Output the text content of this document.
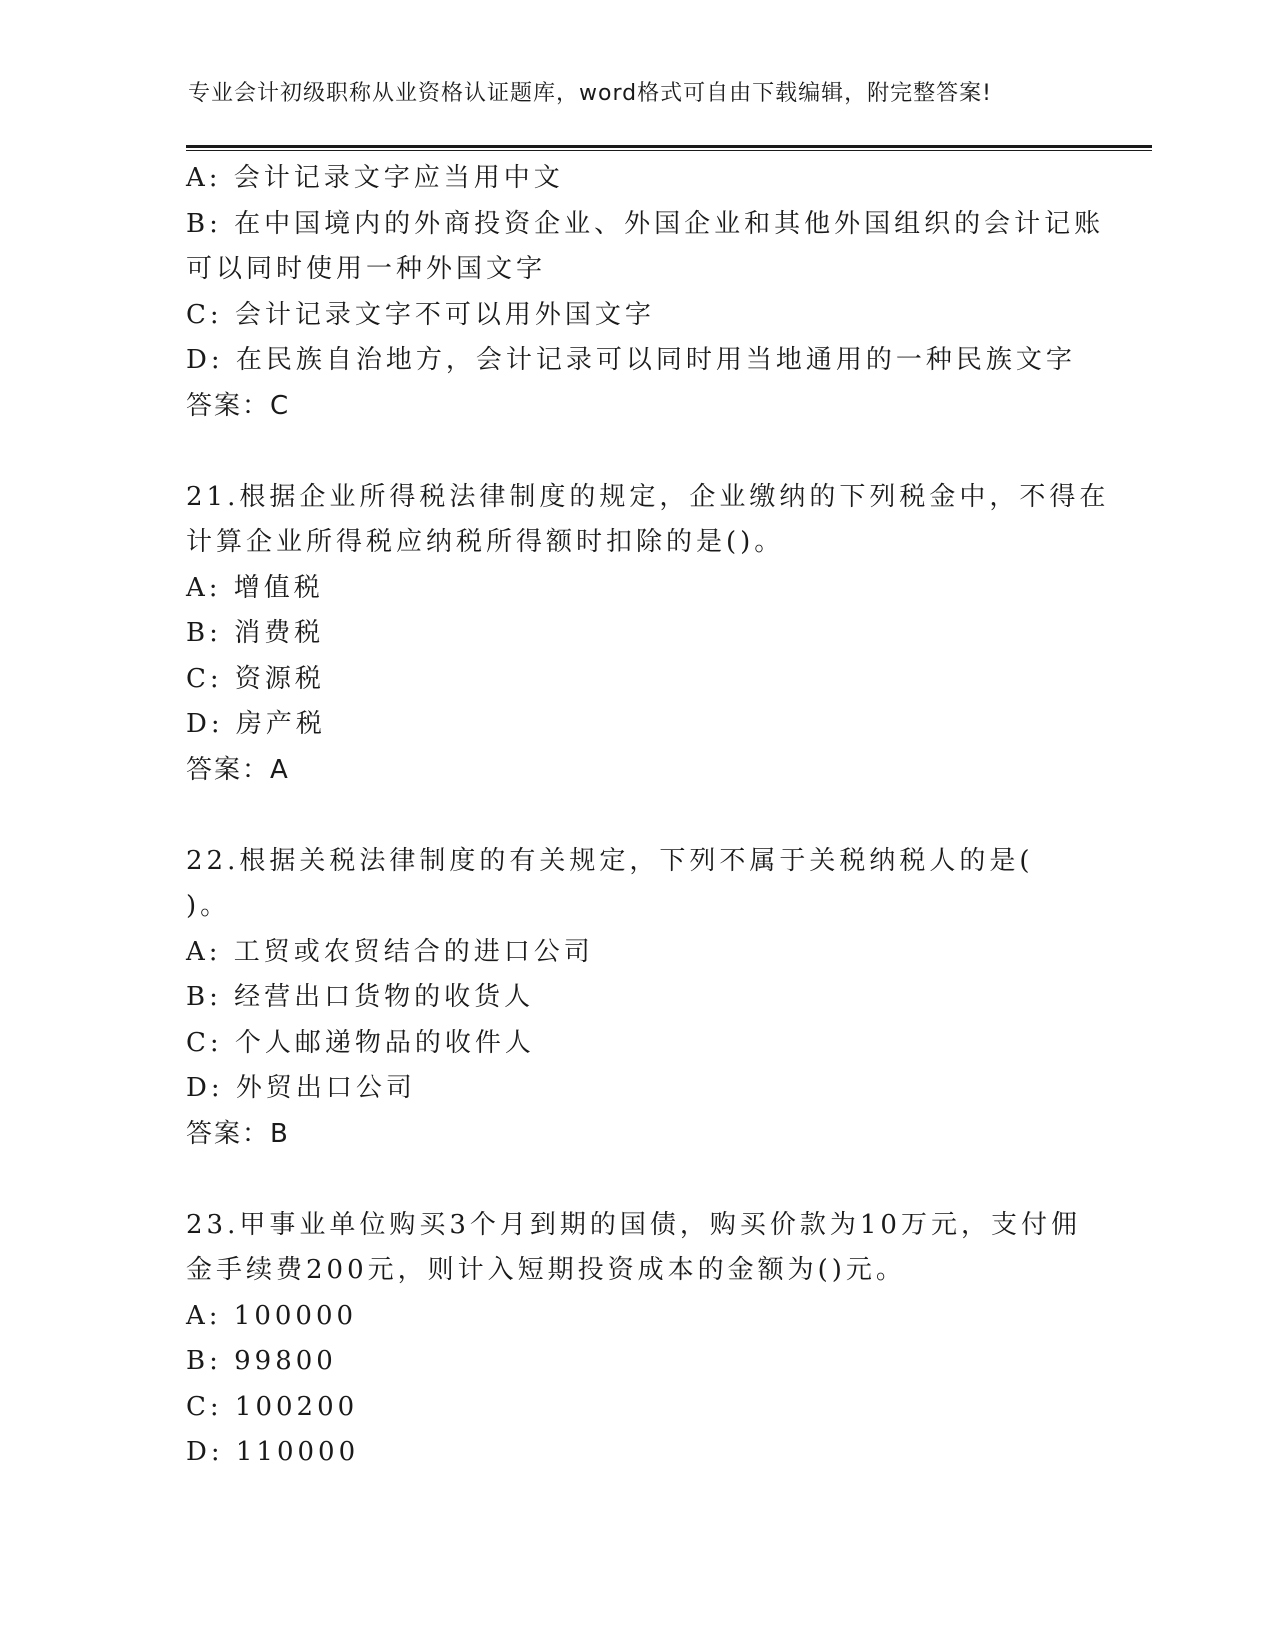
专业会计初级职称从业资格认证题库，word格式可自由下载编辑，附完整答案!
A: 会计记录文字应当用中文
B: 在中国境内的外商投资企业、外国企业和其他外国组织的会计记账
可以同时使用一种外国文字
C: 会计记录文字不可以用外国文字
D: 在民族自治地方，会计记录可以同时用当地通用的一种民族文字
答案：C
21.根据企业所得税法律制度的规定，企业缴纳的下列税金中，不得在
计算企业所得税应纳税所得额时扣除的是()。
A: 增值税
B: 消费税
C: 资源税
D: 房产税
答案：A
22.根据关税法律制度的有关规定，下列不属于关税纳税人的是(
)。
A: 工贸或农贸结合的进口公司
B: 经营出口货物的收货人
C: 个人邮递物品的收件人
D: 外贸出口公司
答案：B
23.甲事业单位购买3个月到期的国债，购买价款为10万元，支付佣
金手续费200元，则计入短期投资成本的金额为()元。
A: 100000
B: 99800
C: 100200
D: 110000
